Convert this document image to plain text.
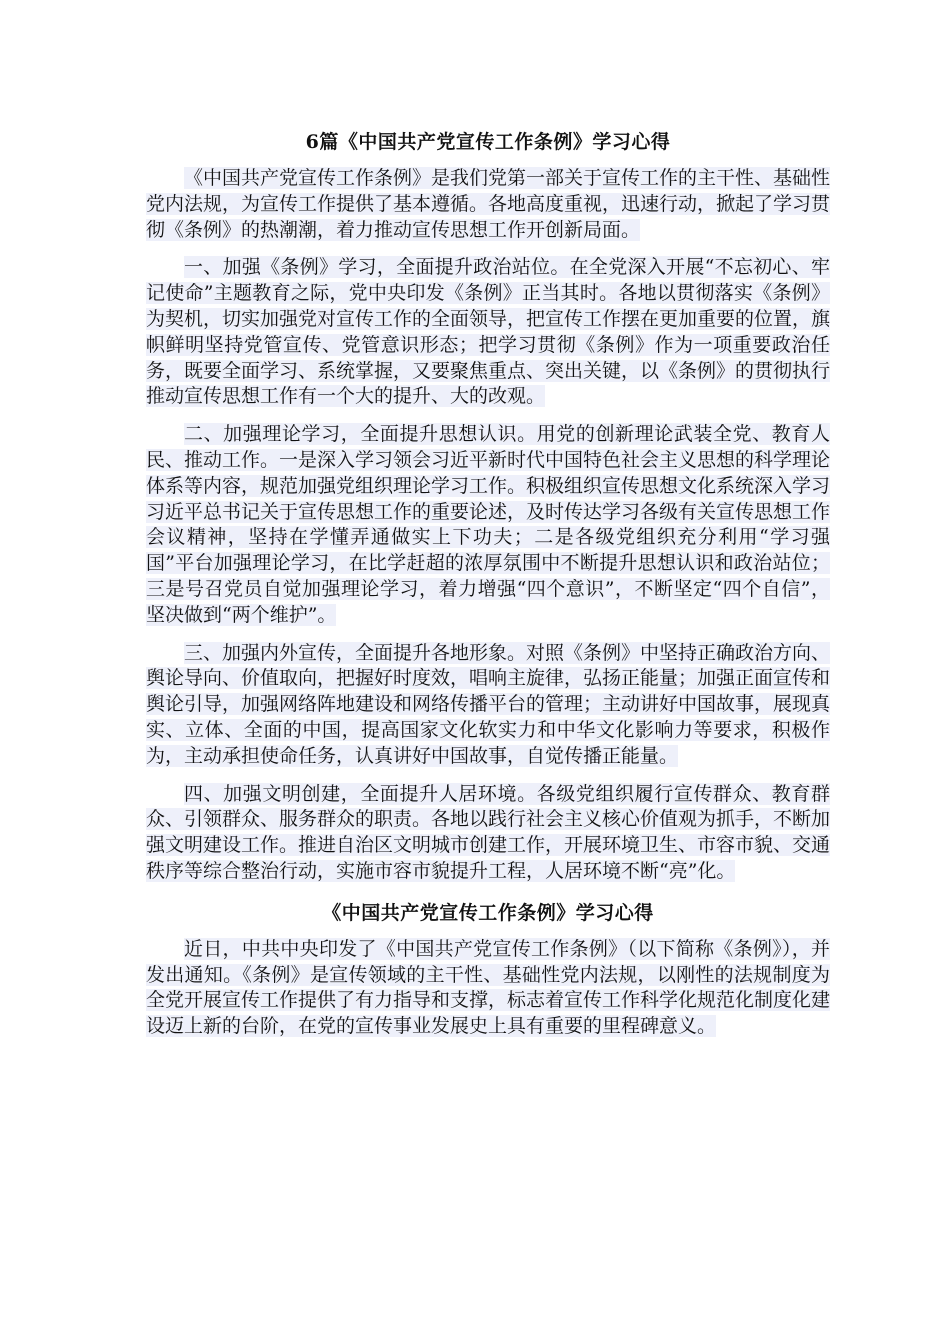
6篇《中国共产党宣传工作条例》学习心得

《中国共产党宣传工作条例》是我们党第一部关于宣传工作的主干性、基础性党内法规，为宣传工作提供了基本遵循。各地高度重视，迅速行动，掀起了学习贯彻《条例》的热潮潮，着力推动宣传思想工作开创新局面。

一、加强《条例》学习，全面提升政治站位。在全党深入开展“不忘初心、牢记使命”主题教育之际，党中央印发《条例》正当其时。各地以贯彻落实《条例》为契机，切实加强党对宣传工作的全面领导，把宣传工作摆在更加重要的位置，旗帜鲜明坚持党管宣传、党管意识形态；把学习贯彻《条例》作为一项重要政治任务，既要全面学习、系统掌握，又要聚焦重点、突出关键，以《条例》的贯彻执行推动宣传思想工作有一个大的提升、大的改观。

二、加强理论学习，全面提升思想认识。用党的创新理论武装全党、教育人民、推动工作。一是深入学习领会习近平新时代中国特色社会主义思想的科学理论体系等内容，规范加强党组织理论学习工作。积极组织宣传思想文化系统深入学习习近平总书记关于宣传思想工作的重要论述，及时传达学习各级有关宣传思想工作会议精神，坚持在学懂弄通做实上下功夫；二是各级党组织充分利用“学习强国”平台加强理论学习，在比学赶超的浓厚氛围中不断提升思想认识和政治站位；三是号召党员自觉加强理论学习，着力增强“四个意识”，不断坚定“四个自信”，坚决做到“两个维护”。

三、加强内外宣传，全面提升各地形象。对照《条例》中坚持正确政治方向、舆论导向、价值取向，把握好时度效，唱响主旋律，弘扬正能量；加强正面宣传和舆论引导，加强网络阵地建设和网络传播平台的管理；主动讲好中国故事，展现真实、立体、全面的中国，提高国家文化软实力和中华文化影响力等要求，积极作为，主动承担使命任务，认真讲好中国故事，自觉传播正能量。

四、加强文明创建，全面提升人居环境。各级党组织履行宣传群众、教育群众、引领群众、服务群众的职责。各地以践行社会主义核心价值观为抓手，不断加强文明建设工作。推进自治区文明城市创建工作，开展环境卫生、市容市貌、交通秩序等综合整治行动，实施市容市貌提升工程，人居环境不断“亮”化。

《中国共产党宣传工作条例》学习心得

近日，中共中央印发了《中国共产党宣传工作条例》（以下简称《条例》），并发出通知。《条例》是宣传领域的主干性、基础性党内法规，以刚性的法规制度为全党开展宣传工作提供了有力指导和支撑，标志着宣传工作科学化规范化制度化建设迈上新的台阶，在党的宣传事业发展史上具有重要的里程碑意义。
